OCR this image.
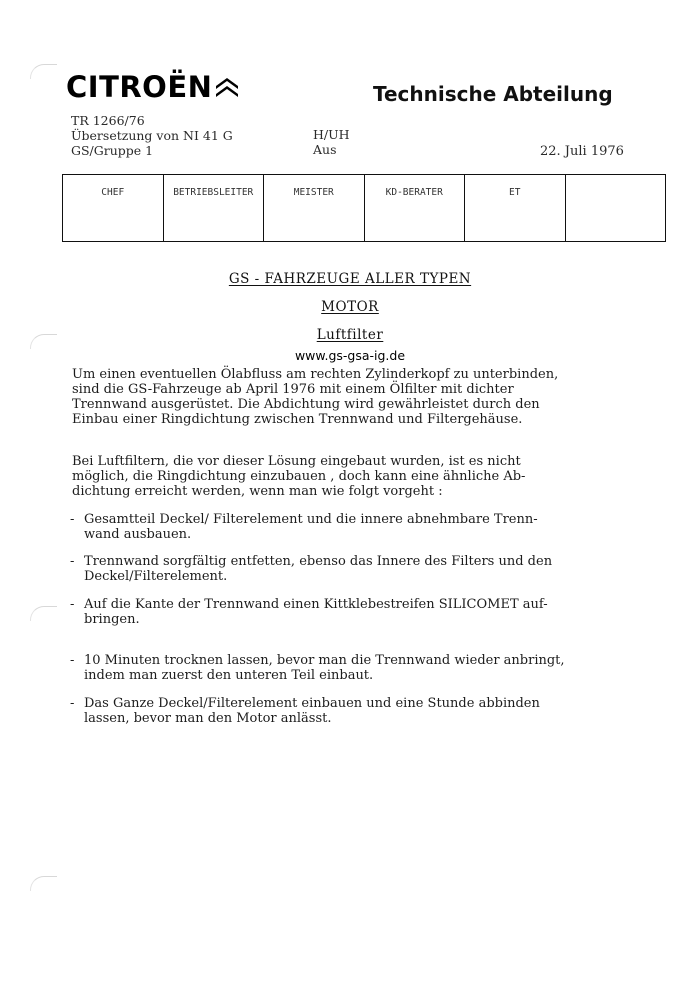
CITROËN	Technische Abteilung
TR 1266/76
Übersetzung von NI 41 G
GS/Gruppe 1
H/UH
Aus	22. Juli 1976
CHEF	BETRIEBSLEITER	MEISTER	KD-BERATER	ET

GS - FAHRZEUGE ALLER TYPEN
MOTOR
Luftfilter
www.gs-gsa-ig.de
Um einen eventuellen Ölabfluss am rechten Zylinderkopf zu unterbinden,
sind die GS-Fahrzeuge ab April 1976 mit einem Ölfilter mit dichter
Trennwand ausgerüstet. Die Abdichtung wird gewährleistet durch den
Einbau einer Ringdichtung zwischen Trennwand und Filtergehäuse.
Bei Luftfiltern, die vor dieser Lösung eingebaut wurden, ist es nicht
möglich, die Ringdichtung einzubauen , doch kann eine ähnliche Ab-
dichtung erreicht werden, wenn man wie folgt vorgeht :
- Gesamtteil Deckel/ Filterelement und die innere abnehmbare Trenn-
wand ausbauen.
- Trennwand sorgfältig entfetten, ebenso das Innere des Filters und den
Deckel/Filterelement.
- Auf die Kante der Trennwand einen Kittklebestreifen SILICOMET auf-
bringen.
- 10 Minuten trocknen lassen, bevor man die Trennwand wieder anbringt,
indem man zuerst den unteren Teil einbaut.
- Das Ganze Deckel/Filterelement einbauen und eine Stunde abbinden
lassen, bevor man den Motor anlässt.
